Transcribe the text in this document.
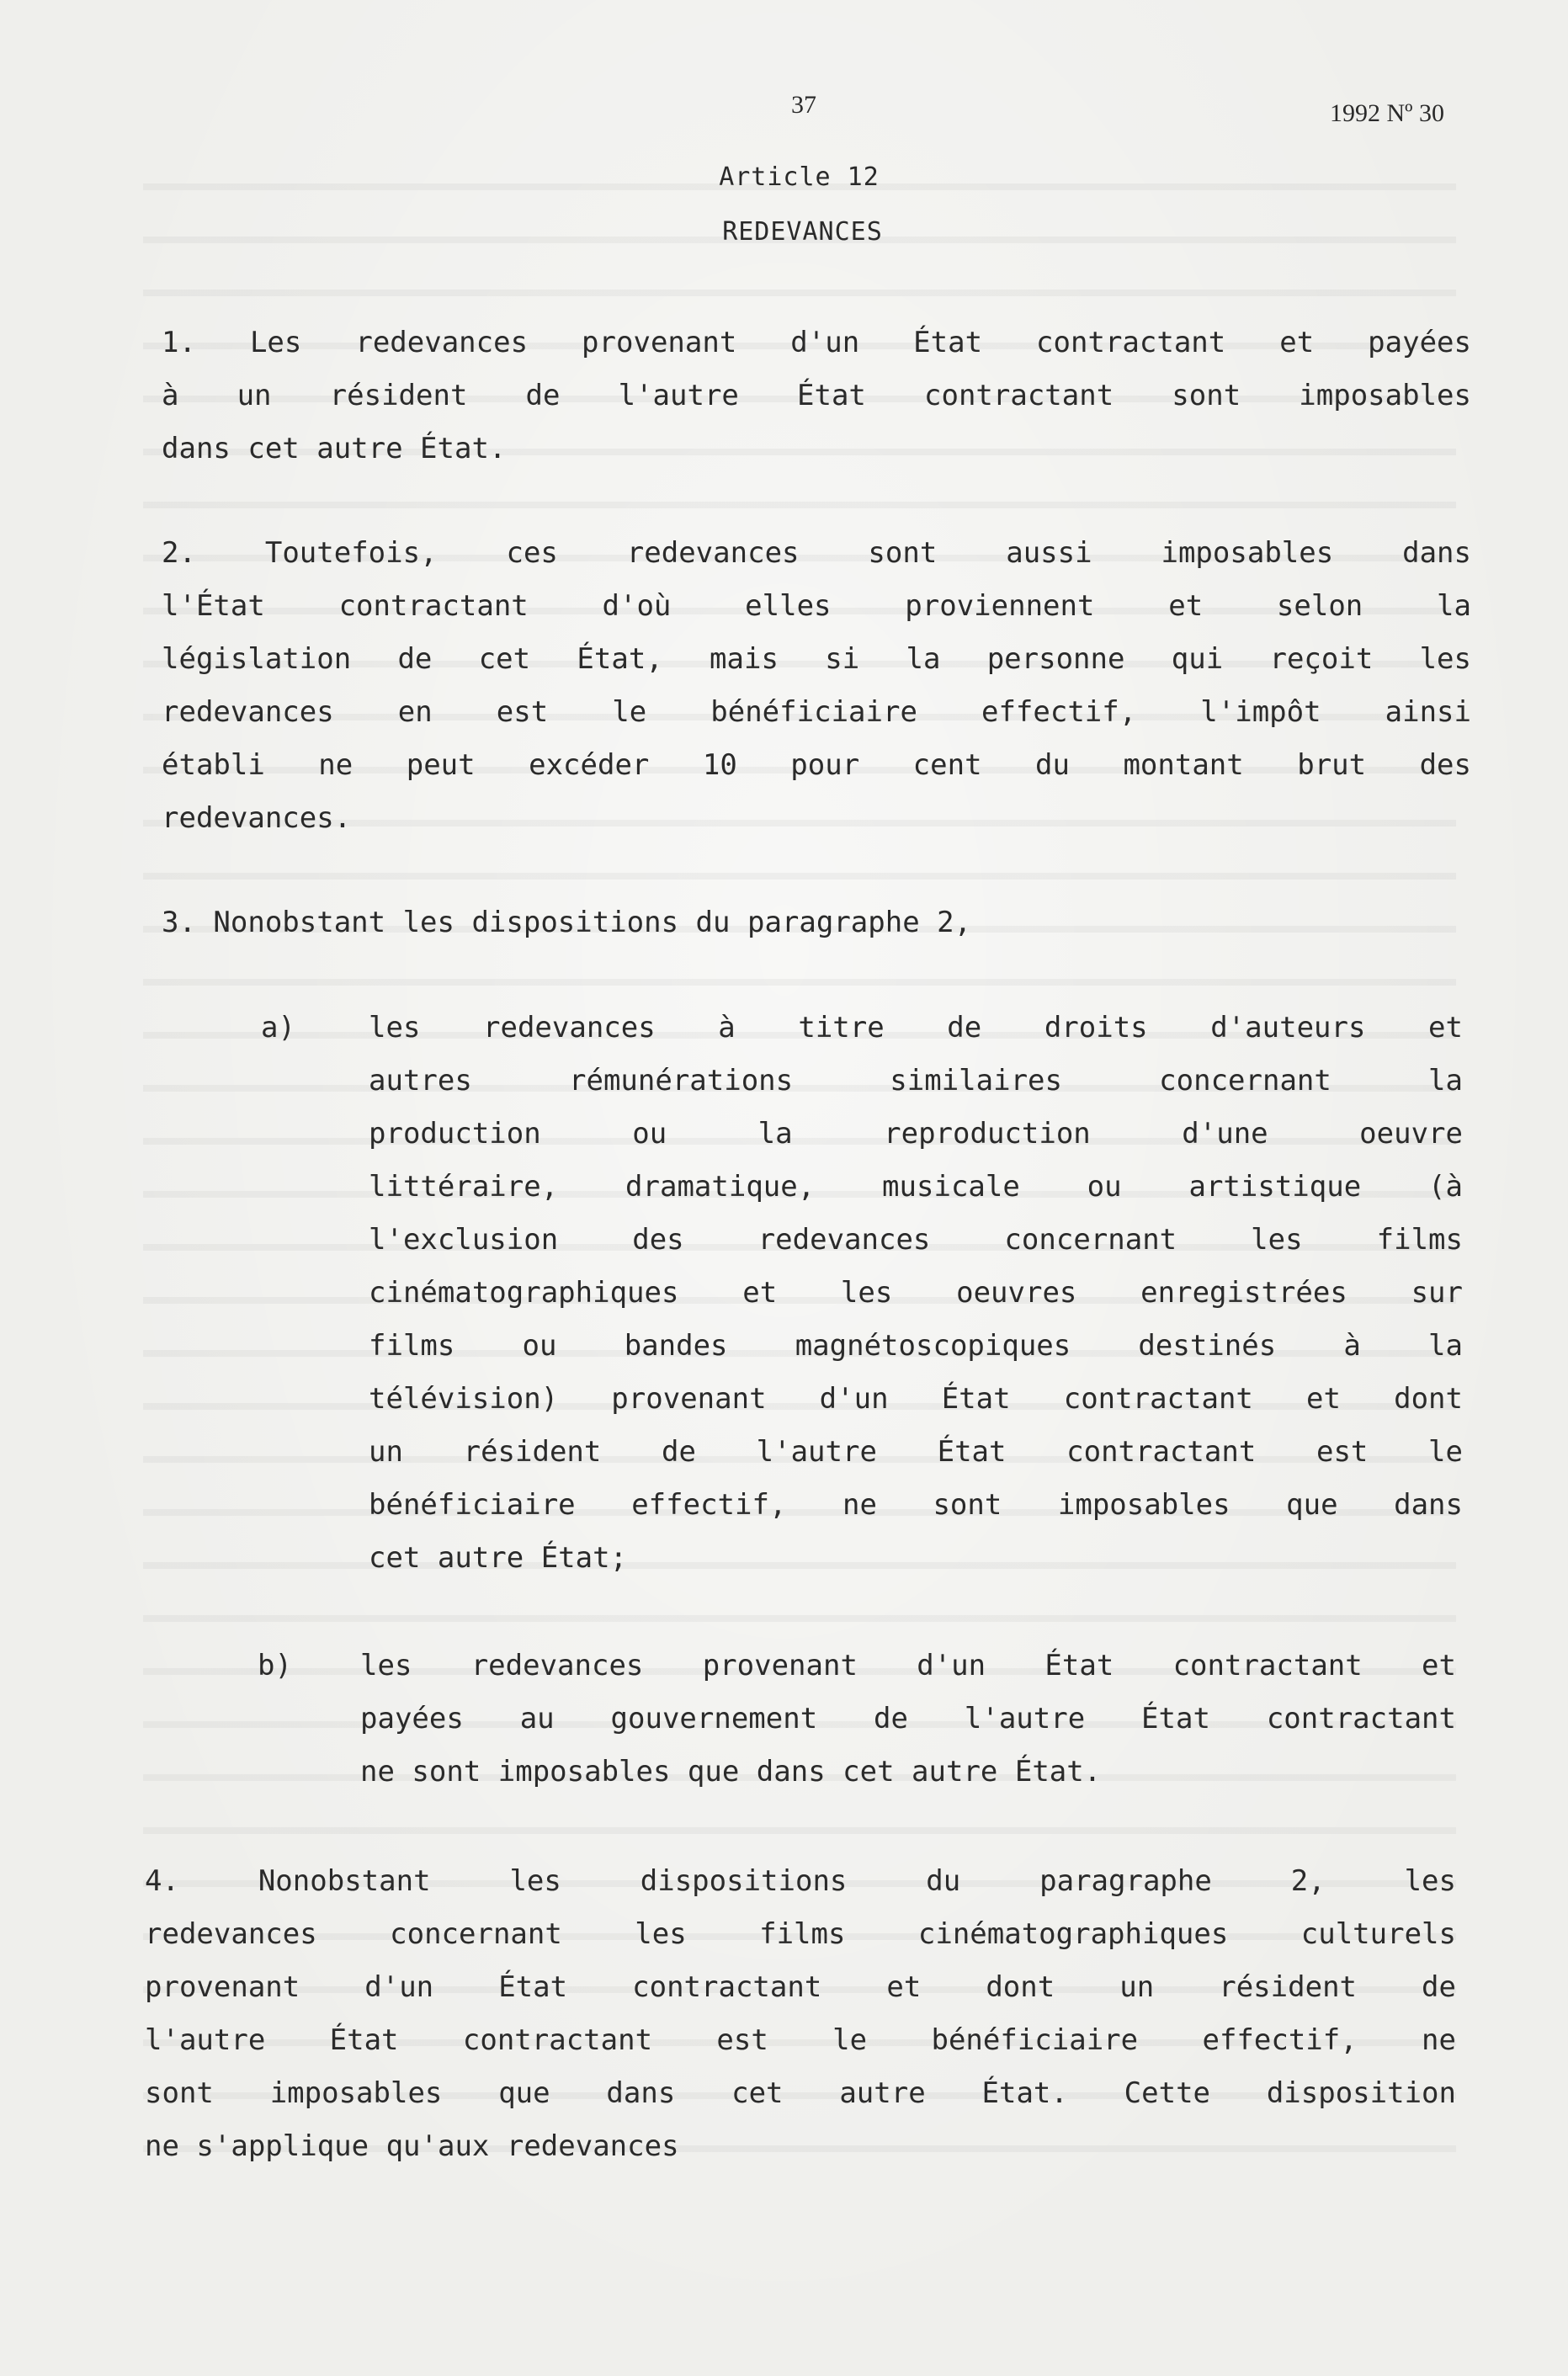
37	1992 Nº 30
Article 12
REDEVANCES
1. Les redevances provenant d'un État contractant et payées
à un résident de l'autre État contractant sont imposables
dans cet autre État.
2. Toutefois, ces redevances sont aussi imposables dans
l'État contractant d'où elles proviennent et selon la
législation de cet État, mais si la personne qui reçoit les
redevances en est le bénéficiaire effectif, l'impôt ainsi
établi ne peut excéder 10 pour cent du montant brut des
redevances.
3. Nonobstant les dispositions du paragraphe 2,
a)	les redevances à titre de droits d'auteurs et
autres rémunérations similaires concernant la
production ou la reproduction d'une oeuvre
littéraire, dramatique, musicale ou artistique (à
l'exclusion des redevances concernant les films
cinématographiques et les oeuvres enregistrées sur
films ou bandes magnétoscopiques destinés à la
télévision) provenant d'un État contractant et dont
un résident de l'autre État contractant est le
bénéficiaire effectif, ne sont imposables que dans
cet autre État;
b) les redevances provenant d'un État contractant et
payées au gouvernement de l'autre État contractant
ne sont imposables que dans cet autre État.
4. Nonobstant les dispositions du paragraphe 2, les
redevances concernant les films cinématographiques culturels
provenant d'un État contractant et dont un résident de
l'autre État contractant est le bénéficiaire effectif, ne
sont imposables que dans cet autre État. Cette disposition
ne s'applique qu'aux redevances
